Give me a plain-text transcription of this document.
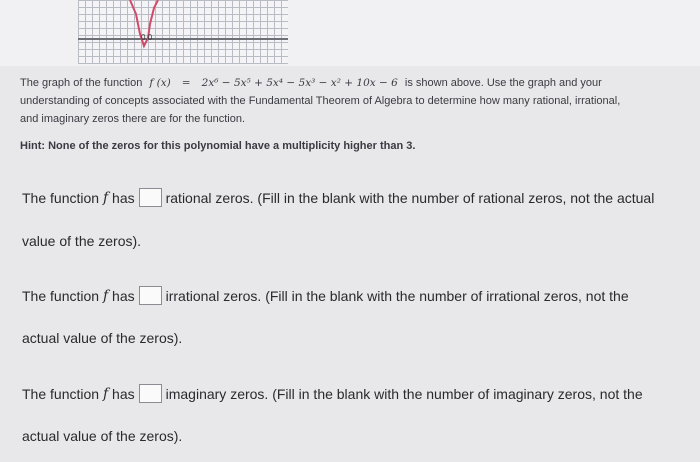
0.0
The graph of the function f (x) = 2x⁶ − 5x⁵ + 5x⁴ − 5x³ − x² + 10x − 6 is shown above. Use the graph and your
understanding of concepts associated with the Fundamental Theorem of Algebra to determine how many rational, irrational,
and imaginary zeros there are for the function.
Hint: None of the zeros for this polynomial have a multiplicity higher than 3.
The function
f
has rational zeros. (Fill in the blank with the number of rational zeros, not the actual
value of the zeros).
The function
f
has irrational zeros. (Fill in the blank with the number of irrational zeros, not the
actual value of the zeros).
The function
f
has imaginary zeros. (Fill in the blank with the number of imaginary zeros, not the
actual value of the zeros).
